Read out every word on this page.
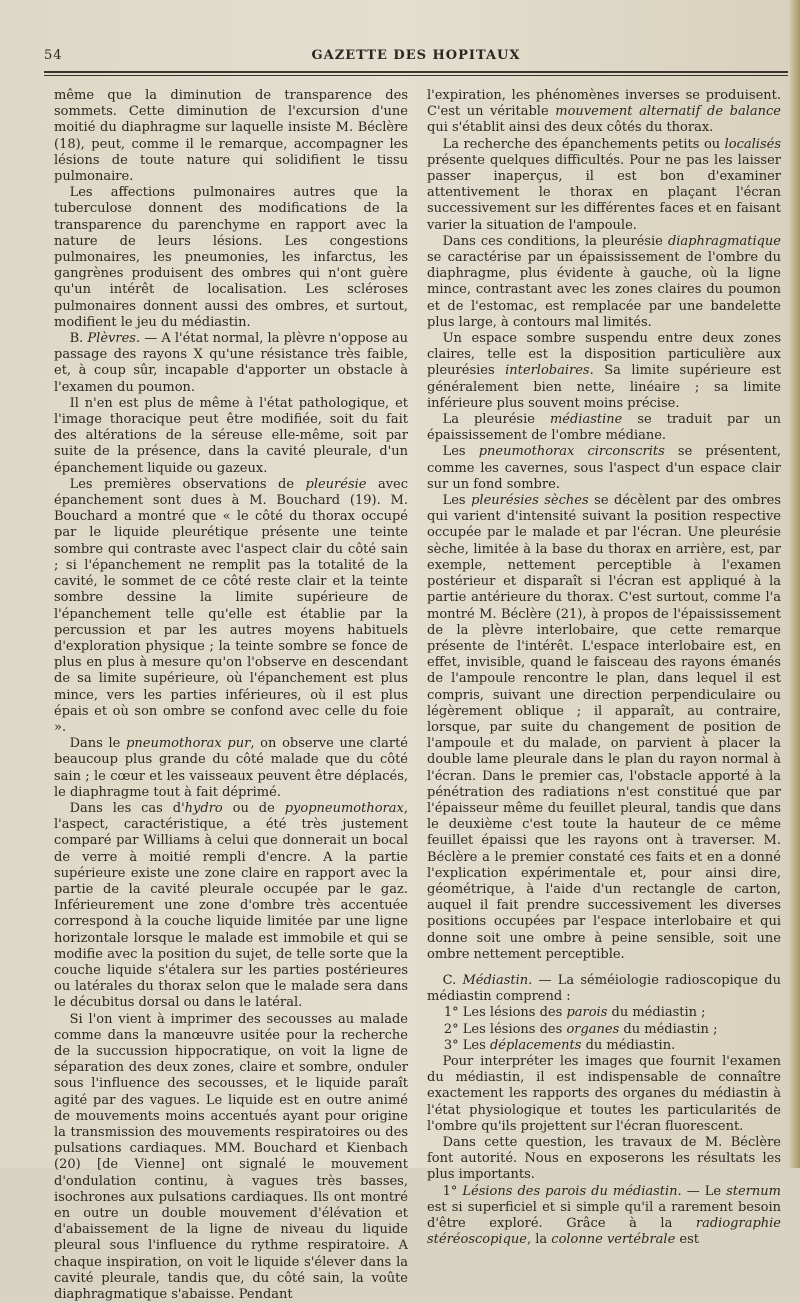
54	GAZETTE DES HOPITAUX

même que la diminution de transparence des sommets. Cette diminution de l'excursion d'une moitié du diaphragme sur laquelle insiste M. Béclère (18), peut, comme il le remarque, accompagner les lésions de toute nature qui solidifient le tissu pulmonaire.

Les affections pulmonaires autres que la tuberculose donnent des modifications de la transparence du parenchyme en rapport avec la nature de leurs lésions. Les congestions pulmonaires, les pneumonies, les infarctus, les gangrènes produisent des ombres qui n'ont guère qu'un intérêt de localisation. Les scléroses pulmonaires donnent aussi des ombres, et surtout, modifient le jeu du médiastin.

B. Plèvres. — A l'état normal, la plèvre n'oppose au passage des rayons X qu'une résistance très faible, et, à coup sûr, incapable d'apporter un obstacle à l'examen du poumon.

Il n'en est plus de même à l'état pathologique, et l'image thoracique peut être modifiée, soit du fait des altérations de la séreuse elle-même, soit par suite de la présence, dans la cavité pleurale, d'un épanchement liquide ou gazeux.

Les premières observations de pleurésie avec épanchement sont dues à M. Bouchard (19). M. Bouchard a montré que « le côté du thorax occupé par le liquide pleurétique présente une teinte sombre qui contraste avec l'aspect clair du côté sain ; si l'épanchement ne remplit pas la totalité de la cavité, le sommet de ce côté reste clair et la teinte sombre dessine la limite supérieure de l'épanchement telle qu'elle est établie par la percussion et par les autres moyens habituels d'exploration physique ; la teinte sombre se fonce de plus en plus à mesure qu'on l'observe en descendant de sa limite supérieure, où l'épanchement est plus mince, vers les parties inférieures, où il est plus épais et où son ombre se confond avec celle du foie ».

Dans le pneumothorax pur, on observe une clarté beaucoup plus grande du côté malade que du côté sain ; le cœur et les vaisseaux peuvent être déplacés, le diaphragme tout à fait déprimé.

Dans les cas d'hydro ou de pyopneumothorax, l'aspect, caractéristique, a été très justement comparé par Williams à celui que donnerait un bocal de verre à moitié rempli d'encre. A la partie supérieure existe une zone claire en rapport avec la partie de la cavité pleurale occupée par le gaz. Inférieurement une zone d'ombre très accentuée correspond à la couche liquide limitée par une ligne horizontale lorsque le malade est immobile et qui se modifie avec la position du sujet, de telle sorte que la couche liquide s'étalera sur les parties postérieures ou latérales du thorax selon que le malade sera dans le décubitus dorsal ou dans le latéral.

Si l'on vient à imprimer des secousses au malade comme dans la manœuvre usitée pour la recherche de la succussion hippocratique, on voit la ligne de séparation des deux zones, claire et sombre, onduler sous l'influence des secousses, et le liquide paraît agité par des vagues. Le liquide est en outre animé de mouvements moins accentués ayant pour origine la transmission des mouvements respiratoires ou des pulsations cardiaques. MM. Bouchard et Kienbach (20) [de Vienne] ont signalé le mouvement d'ondulation continu, à vagues très basses, isochrones aux pulsations cardiaques. Ils ont montré en outre un double mouvement d'élévation et d'abaissement de la ligne de niveau du liquide pleural sous l'influence du rythme respiratoire. A chaque inspiration, on voit le liquide s'élever dans la cavité pleurale, tandis que, du côté sain, la voûte diaphragmatique s'abaisse. Pendant

l'expiration, les phénomènes inverses se produisent. C'est un véritable mouvement alternatif de balance qui s'établit ainsi des deux côtés du thorax.

La recherche des épanchements petits ou localisés présente quelques difficultés. Pour ne pas les laisser passer inaperçus, il est bon d'examiner attentivement le thorax en plaçant l'écran successivement sur les différentes faces et en faisant varier la situation de l'ampoule.

Dans ces conditions, la pleurésie diaphragmatique se caractérise par un épaississement de l'ombre du diaphragme, plus évidente à gauche, où la ligne mince, contrastant avec les zones claires du poumon et de l'estomac, est remplacée par une bandelette plus large, à contours mal limités.

Un espace sombre suspendu entre deux zones claires, telle est la disposition particulière aux pleurésies interlobaires. Sa limite supérieure est généralement bien nette, linéaire ; sa limite inférieure plus souvent moins précise.

La pleurésie médiastine se traduit par un épaississement de l'ombre médiane.

Les pneumothorax circonscrits se présentent, comme les cavernes, sous l'aspect d'un espace clair sur un fond sombre.

Les pleurésies sèches se décèlent par des ombres qui varient d'intensité suivant la position respective occupée par le malade et par l'écran. Une pleurésie sèche, limitée à la base du thorax en arrière, est, par exemple, nettement perceptible à l'examen postérieur et disparaît si l'écran est appliqué à la partie antérieure du thorax. C'est surtout, comme l'a montré M. Béclère (21), à propos de l'épaississement de la plèvre interlobaire, que cette remarque présente de l'intérêt. L'espace interlobaire est, en effet, invisible, quand le faisceau des rayons émanés de l'ampoule rencontre le plan, dans lequel il est compris, suivant une direction perpendiculaire ou légèrement oblique ; il apparaît, au contraire, lorsque, par suite du changement de position de l'ampoule et du malade, on parvient à placer la double lame pleurale dans le plan du rayon normal à l'écran. Dans le premier cas, l'obstacle apporté à la pénétration des radiations n'est constitué que par l'épaisseur même du feuillet pleural, tandis que dans le deuxième c'est toute la hauteur de ce même feuillet épaissi que les rayons ont à traverser. M. Béclère a le premier constaté ces faits et en a donné l'explication expérimentale et, pour ainsi dire, géométrique, à l'aide d'un rectangle de carton, auquel il fait prendre successivement les diverses positions occupées par l'espace interlobaire et qui donne soit une ombre à peine sensible, soit une ombre nettement perceptible.

C. Médiastin. — La séméiologie radioscopique du médiastin comprend :

1° Les lésions des parois du médiastin ;

2° Les lésions des organes du médiastin ;

3° Les déplacements du médiastin.

Pour interpréter les images que fournit l'examen du médiastin, il est indispensable de connaître exactement les rapports des organes du médiastin à l'état physiologique et toutes les particularités de l'ombre qu'ils projettent sur l'écran fluorescent.

Dans cette question, les travaux de M. Béclère font autorité. Nous en exposerons les résultats les plus importants.

1° Lésions des parois du médiastin. — Le sternum est si superficiel et si simple qu'il a rarement besoin d'être exploré. Grâce à la radiographie stéréoscopique, la colonne vertébrale est
